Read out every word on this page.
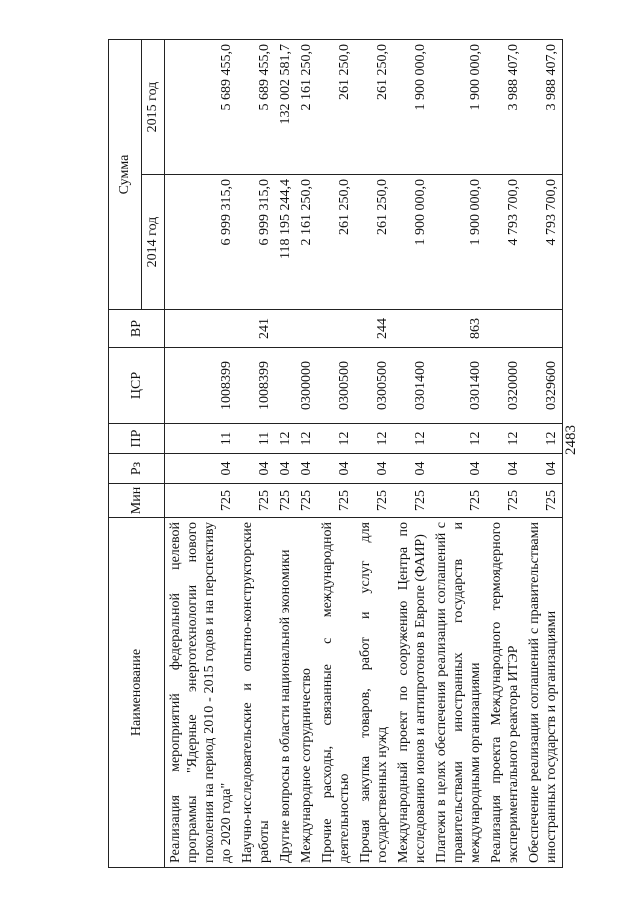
2483
Наименование	Мин	Рз	ПР	ЦСР	ВР	Сумма	
						2014 год	2015 год
Реализация мероприятий федеральной целевой программы "Ядерные энерготехнологии нового поколения на период 2010 - 2015 годов и на перспективу до 2020 года"	725	04	11	1008399		6 999 315,0	5 689 455,0
Научно-исследовательские и опытно-конструкторские работы	725	04	11	1008399	241	6 999 315,0	5 689 455,0
Другие вопросы в области национальной экономики	725	04	12			118 195 244,4	132 002 581,7
Международное сотрудничество	725	04	12	0300000		2 161 250,0	2 161 250,0
Прочие расходы, связанные с международной деятельностью	725	04	12	0300500		261 250,0	261 250,0
Прочая закупка товаров, работ и услуг для государственных нужд	725	04	12	0300500	244	261 250,0	261 250,0
Международный проект по сооружению Центра по исследованию ионов и антипротонов в Европе (ФАИР)	725	04	12	0301400		1 900 000,0	1 900 000,0
Платежи в целях обеспечения реализации соглашений с правительствами иностранных государств и международными организациями	725	04	12	0301400	863	1 900 000,0	1 900 000,0
Реализация проекта Международного термоядерного экспериментального реактора ИТЭР	725	04	12	0320000		4 793 700,0	3 988 407,0
Обеспечение реализации соглашений с правительствами иностранных государств и организациями	725	04	12	0329600		4 793 700,0	3 988 407,0
